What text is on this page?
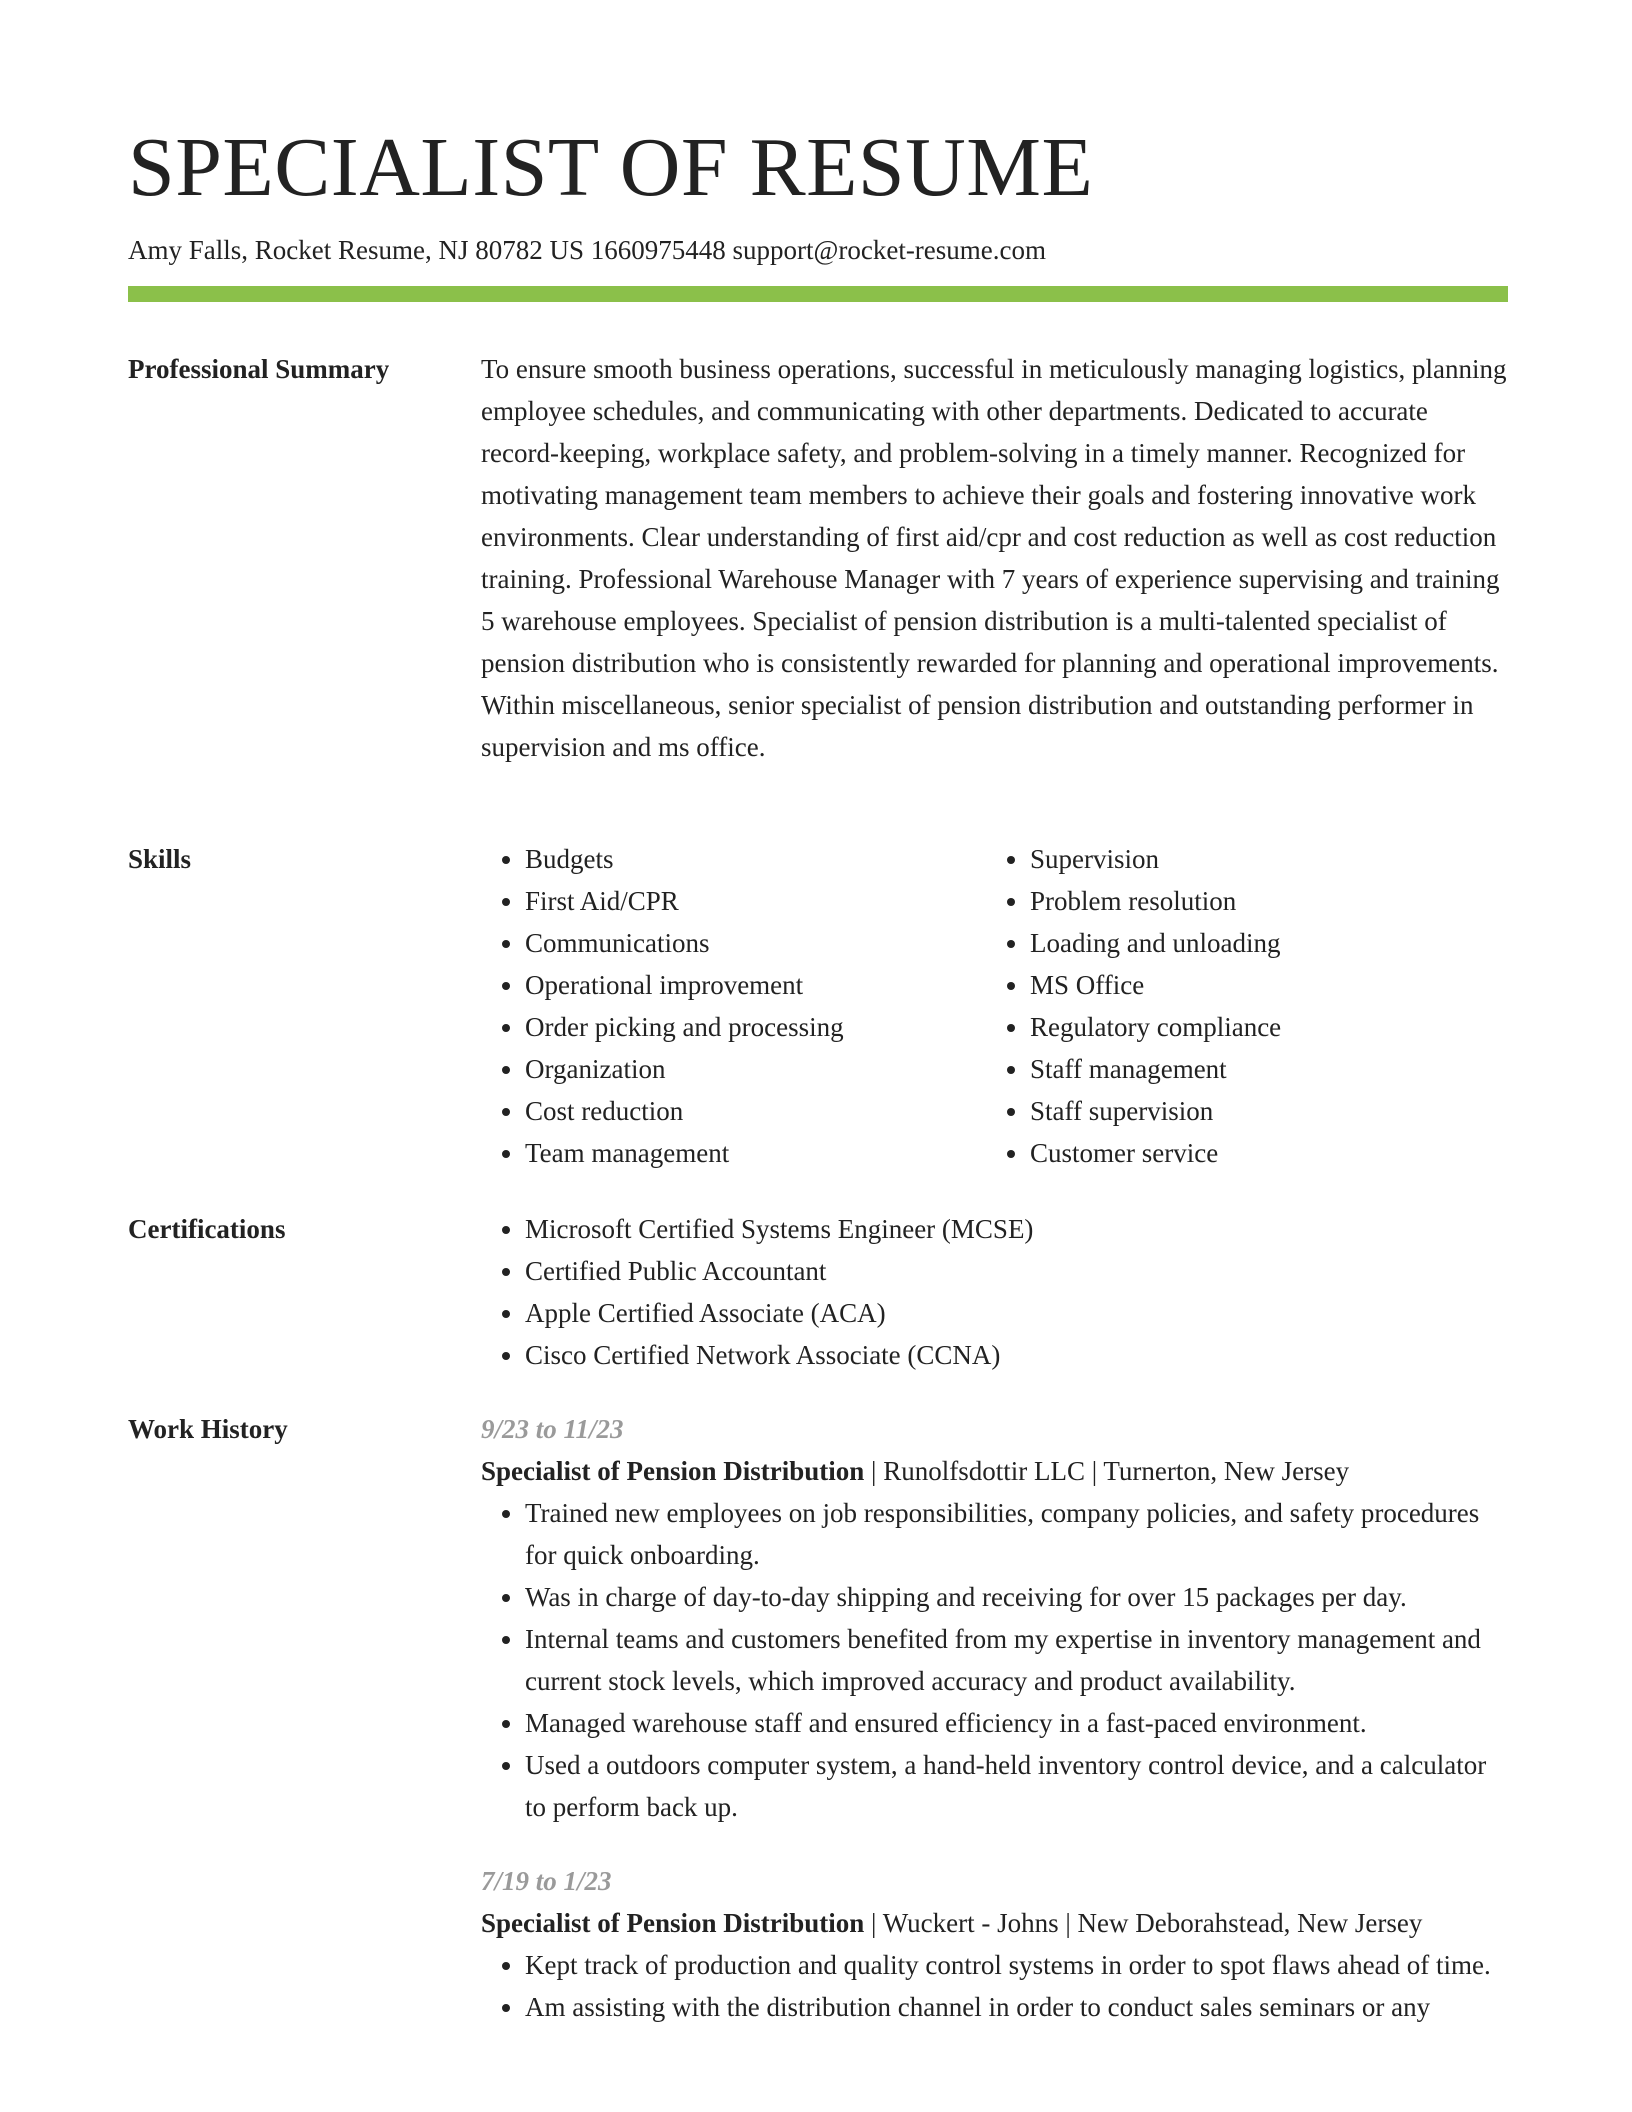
SPECIALIST OF RESUME
Amy Falls, Rocket Resume, NJ 80782 US 1660975448 support@rocket-resume.com
Professional Summary	To ensure smooth business operations, successful in meticulously managing logistics, planning employee schedules, and communicating with other departments. Dedicated to accurate record-keeping, workplace safety, and problem-solving in a timely manner. Recognized for motivating management team members to achieve their goals and fostering innovative work environments. Clear understanding of first aid/cpr and cost reduction as well as cost reduction training. Professional Warehouse Manager with 7 years of experience supervising and training 5 warehouse employees. Specialist of pension distribution is a multi-talented specialist of pension distribution who is consistently rewarded for planning and operational improvements. Within miscellaneous, senior specialist of pension distribution and outstanding performer in supervision and ms office.

Skills	• Budgets
• First Aid/CPR
• Communications
• Operational improvement
• Order picking and processing
• Organization
• Cost reduction
• Team management
• Supervision
• Problem resolution
• Loading and unloading
• MS Office
• Regulatory compliance
• Staff management
• Staff supervision
• Customer service
Certifications	• Microsoft Certified Systems Engineer (MCSE)
• Certified Public Accountant
• Apple Certified Associate (ACA)
• Cisco Certified Network Associate (CCNA)
Work History	9/23 to 11/23
Specialist of Pension Distribution | Runolfsdottir LLC | Turnerton, New Jersey
• Trained new employees on job responsibilities, company policies, and safety procedures for quick onboarding.
• Was in charge of day-to-day shipping and receiving for over 15 packages per day.
• Internal teams and customers benefited from my expertise in inventory management and current stock levels, which improved accuracy and product availability.
• Managed warehouse staff and ensured efficiency in a fast-paced environment.
• Used a outdoors computer system, a hand-held inventory control device, and a calculator to perform back up.
7/19 to 1/23
Specialist of Pension Distribution | Wuckert - Johns | New Deborahstead, New Jersey
• Kept track of production and quality control systems in order to spot flaws ahead of time.
• Am assisting with the distribution channel in order to conduct sales seminars or any
